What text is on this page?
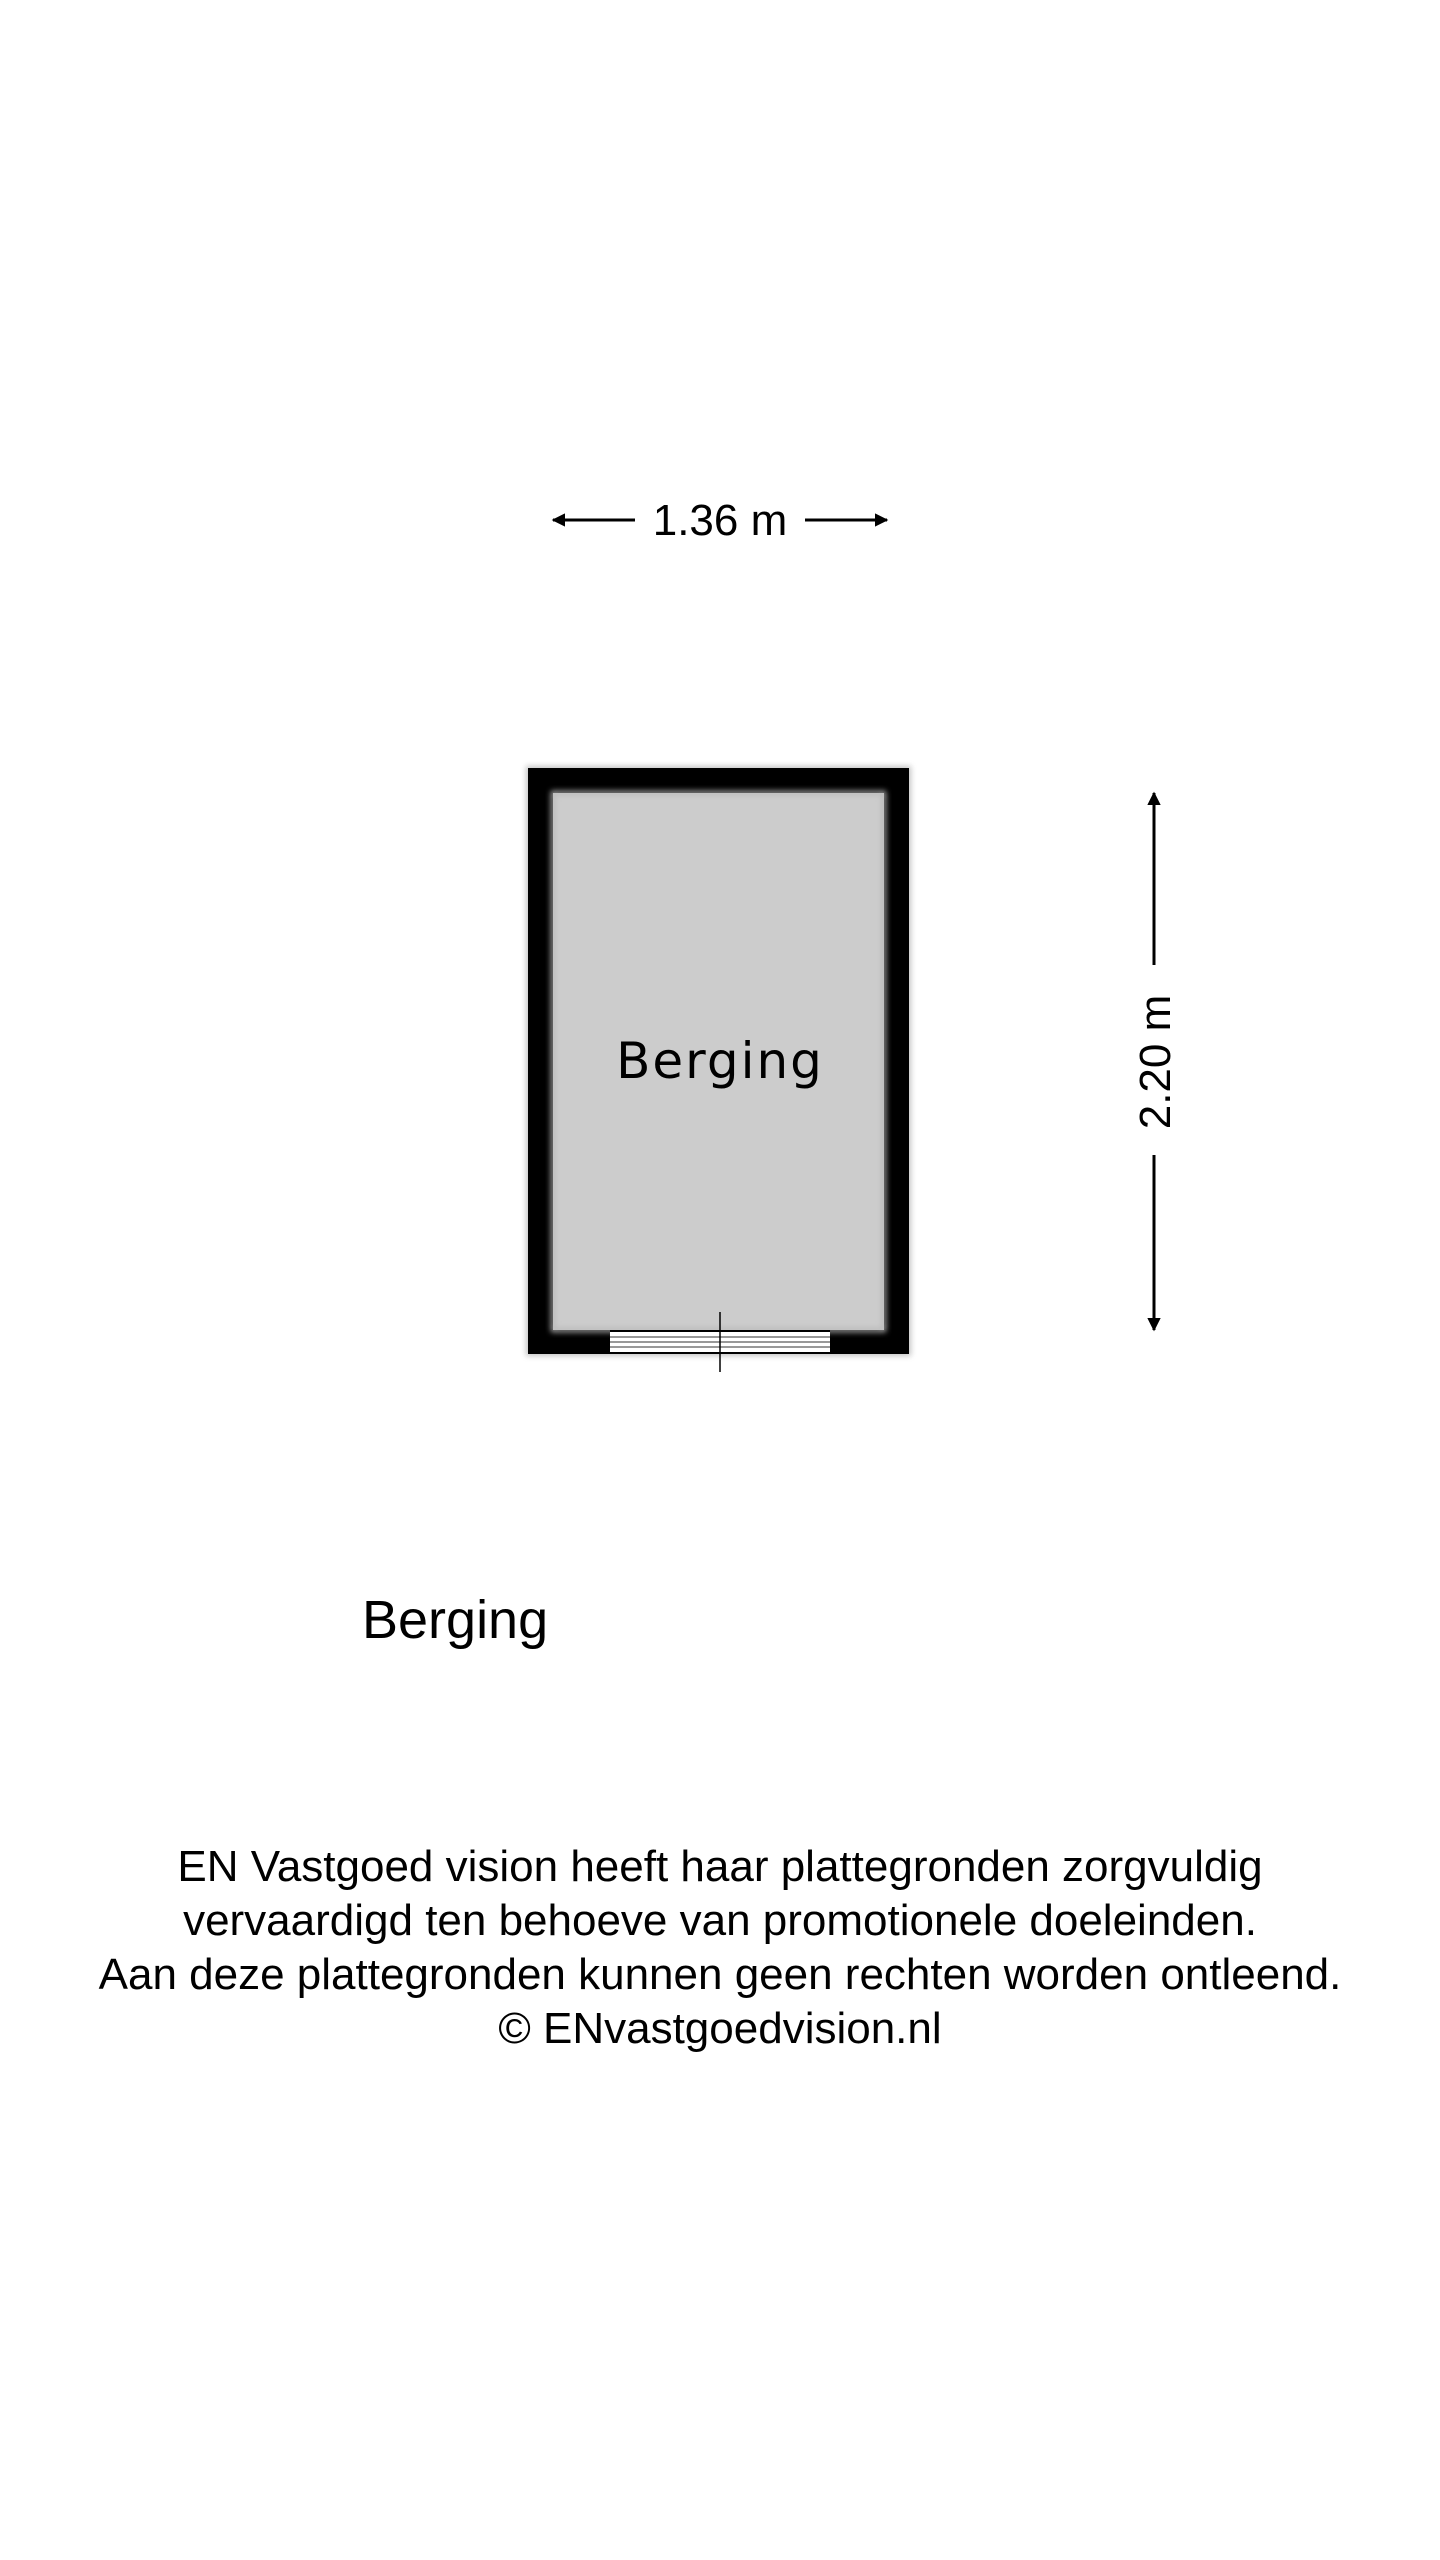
1.36 m
Berging	2.20 m
Berging
EN Vastgoed vision heeft haar plattegronden zorgvuldig
vervaardigd ten behoeve van promotionele doeleinden.
Aan deze plattegronden kunnen geen rechten worden ontleend.
© ENvastgoedvision.nl
